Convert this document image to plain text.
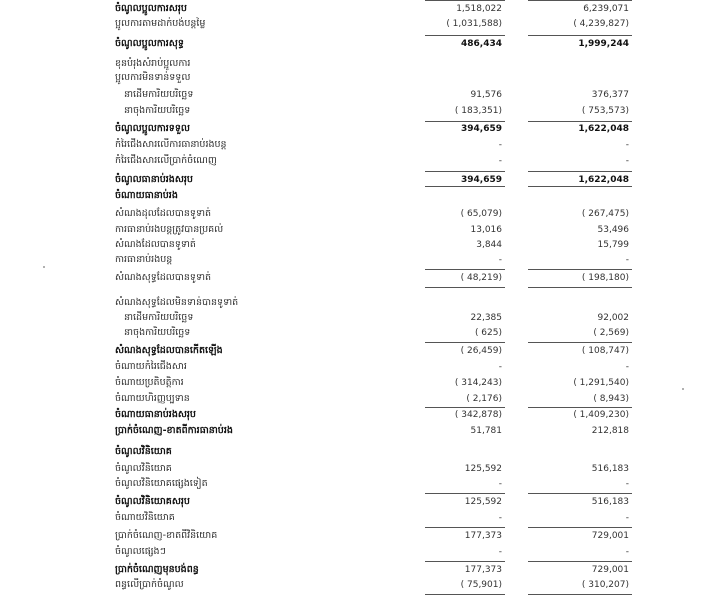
ចំណូលប្អូលការសរុប	1,518,022	6,239,071
ប្អូលការតាមដាក់បង់បន្តម្លៃ	( 1,031,588)	( 4,239,827)
ចំណូលប្អូលការសុទ្ធ	486,434	1,999,244
ខុនបំរុងសំរាប់ប្អូលការ
ប្អូលការមិនទាន់ទទួល
នាដើមការិយបរិច្ឆេទ	91,576	376,377
នាចុងការិយបរិច្ឆេទ	( 183,351)	( 753,573)
ចំណូលប្អូលការទទួល	394,659	1,622,048
កំរៃជើងសារលើការធានាប់រងបន្ត	-	-
កំរៃជើងសារលើប្រាក់ចំណេញ	-	-
ចំណូលធានាប់រងសរុប	394,659	1,622,048
ចំណាយធានាប់រង
សំណងដុលដែលបានទូទាត់	( 65,079)	( 267,475)
ការធានាប់រងបន្តត្រូវបានប្រគល់	13,016	53,496
សំណងដែលបានទូទាត់	3,844	15,799
ការធានាប់រងបន្ត	-	-
សំណងសុទ្ធដែលបានទូទាត់	( 48,219)	( 198,180)
សំណងសុទ្ធដែលមិនទាន់បានទូទាត់
នាដើមការិយបរិច្ឆេទ	22,385	92,002
នាចុងការិយបរិច្ឆេទ	( 625)	( 2,569)
សំណងសុទ្ធដែលបានកើតឡើង	( 26,459)	( 108,747)
ចំណាយកំរៃជើងសារ	-	-
ចំណាយប្រតិបត្តិការ	( 314,243)	( 1,291,540)
ចំណាយហិរញ្ញប្បទាន	( 2,176)	( 8,943)
ចំណាយធានាប់រងសរុប	( 342,878)	( 1,409,230)
ប្រាក់ចំណេញ-ខាតពីការធានាប់រង	51,781	212,818
ចំណូលវិនិយោគ
ចំណូលវិនិយោគ	125,592	516,183
ចំណូលវិនិយោគផ្សេងទៀត	-	-
ចំណូលវិនិយោគសរុប	125,592	516,183
ចំណាយវិនិយោគ	-	-
ប្រាក់ចំណេញ-ខាតពីវិនិយោគ	177,373	729,001
ចំណូលផ្សេងៗ	-	-
ប្រាក់ចំណេញមុនបង់ពន្ធ	177,373	729,001
ពន្ធលើប្រាក់ចំណូល	( 75,901)	( 310,207)
